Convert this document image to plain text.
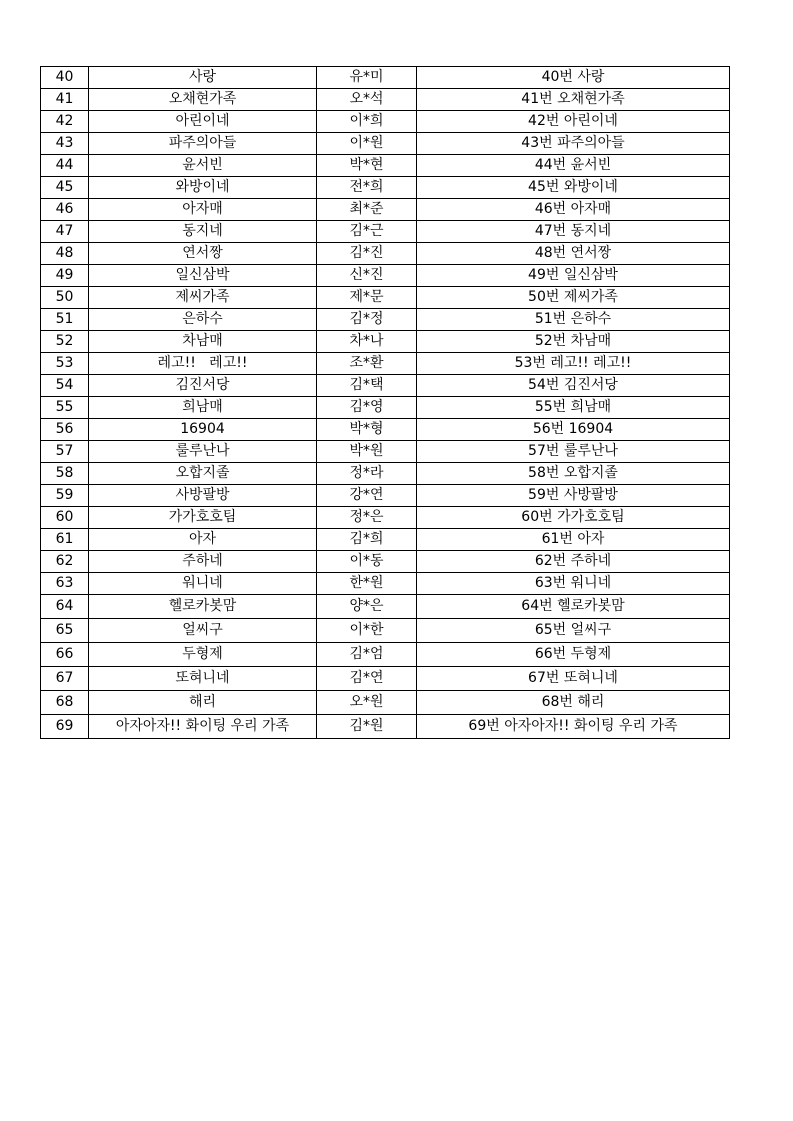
40	사랑	유*미	40번 사랑
41	오채현가족	오*석	41번 오채현가족
42	아린이네	이*희	42번 아린이네
43	파주의아들	이*원	43번 파주의아들
44	윤서빈	박*현	44번 윤서빈
45	와방이네	전*희	45번 와방이네
46	아자매	최*준	46번 아자매
47	동지네	김*근	47번 동지네
48	연서짱	김*진	48번 연서짱
49	일신삼박	신*진	49번 일신삼박
50	제씨가족	제*문	50번 제씨가족
51	은하수	김*정	51번 은하수
52	차남매	차*나	52번 차남매
53	레고!!   레고!!	조*환	53번 레고!! 레고!!
54	김진서당	김*택	54번 김진서당
55	희남매	김*영	55번 희남매
56	16904	박*형	56번 16904
57	룰루난나	박*원	57번 룰루난나
58	오합지졸	정*라	58번 오합지졸
59	사방팔방	강*연	59번 사방팔방
60	가가호호팀	정*은	60번 가가호호팀
61	아자	김*희	61번 아자
62	주하네	이*동	62번 주하네
63	워니네	한*원	63번 워니네
64	헬로카봇맘	양*은	64번 헬로카봇맘
65	얼씨구	이*한	65번 얼씨구
66	두형제	김*엄	66번 두형제
67	또혀니네	김*연	67번 또혀니네
68	해리	오*원	68번 해리
69	아자아자!! 화이팅 우리 가족	김*원	69번 아자아자!! 화이팅 우리 가족
